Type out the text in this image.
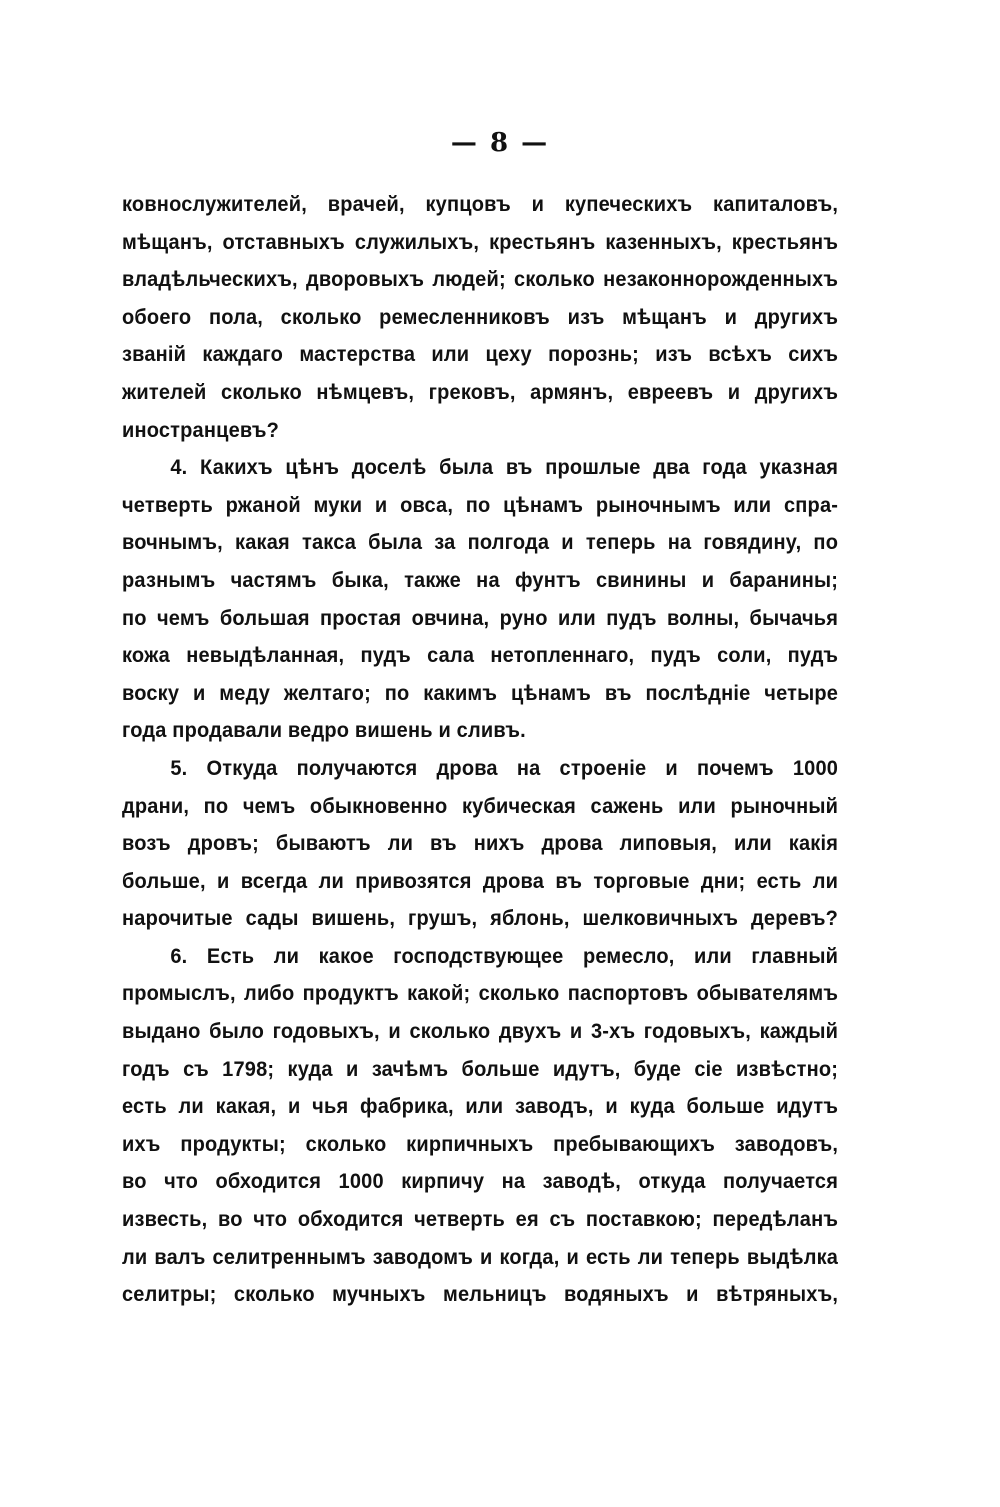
— 8 —
ковнослужителей, врачей, купцовъ и купеческихъ капиталовъ,
мѣщанъ, отставныхъ служилыхъ, крестьянъ казенныхъ, крестьянъ
владѣльческихъ, дворовыхъ людей; сколько незаконнорожденныхъ
обоего пола, сколько ремесленниковъ изъ мѣщанъ и другихъ
званій каждаго мастерства или цеху порознь; изъ всѣхъ сихъ
жителей сколько нѣмцевъ, грековъ, армянъ, евреевъ и другихъ
иностранцевъ?
4. Какихъ цѣнъ доселѣ была въ прошлые два года указная
четверть ржаной муки и овса, по цѣнамъ рыночнымъ или спра-
вочнымъ, какая такса была за полгода и теперь на говядину, по
разнымъ частямъ быка, также на фунтъ свинины и баранины;
по чемъ большая простая овчина, руно или пудъ волны, бычачья
кожа невыдѣланная, пудъ сала нетопленнаго, пудъ соли, пудъ
воску и меду желтаго; по какимъ цѣнамъ въ послѣдніе четыре
года продавали ведро вишень и сливъ.
5. Откуда получаются дрова на строеніе и почемъ 1000
драни, по чемъ обыкновенно кубическая сажень или рыночный
возъ дровъ; бываютъ ли въ нихъ дрова липовыя, или какія
больше, и всегда ли привозятся дрова въ торговые дни; есть ли
нарочитые сады вишень, грушъ, яблонь, шелковичныхъ деревъ?
6. Есть ли какое господствующее ремесло, или главный
промыслъ, либо продуктъ какой; сколько паспортовъ обывателямъ
выдано было годовыхъ, и сколько двухъ и 3-хъ годовыхъ, каждый
годъ съ 1798; куда и зачѣмъ больше идутъ, буде сіе извѣстно;
есть ли какая, и чья фабрика, или заводъ, и куда больше идутъ
ихъ продукты; сколько кирпичныхъ пребывающихъ заводовъ,
во что обходится 1000 кирпичу на заводѣ, откуда получается
известь, во что обходится четверть ея съ поставкою; передѣланъ
ли валъ селитреннымъ заводомъ и когда, и есть ли теперь выдѣлка
селитры; сколько мучныхъ мельницъ водяныхъ и вѣтряныхъ,
